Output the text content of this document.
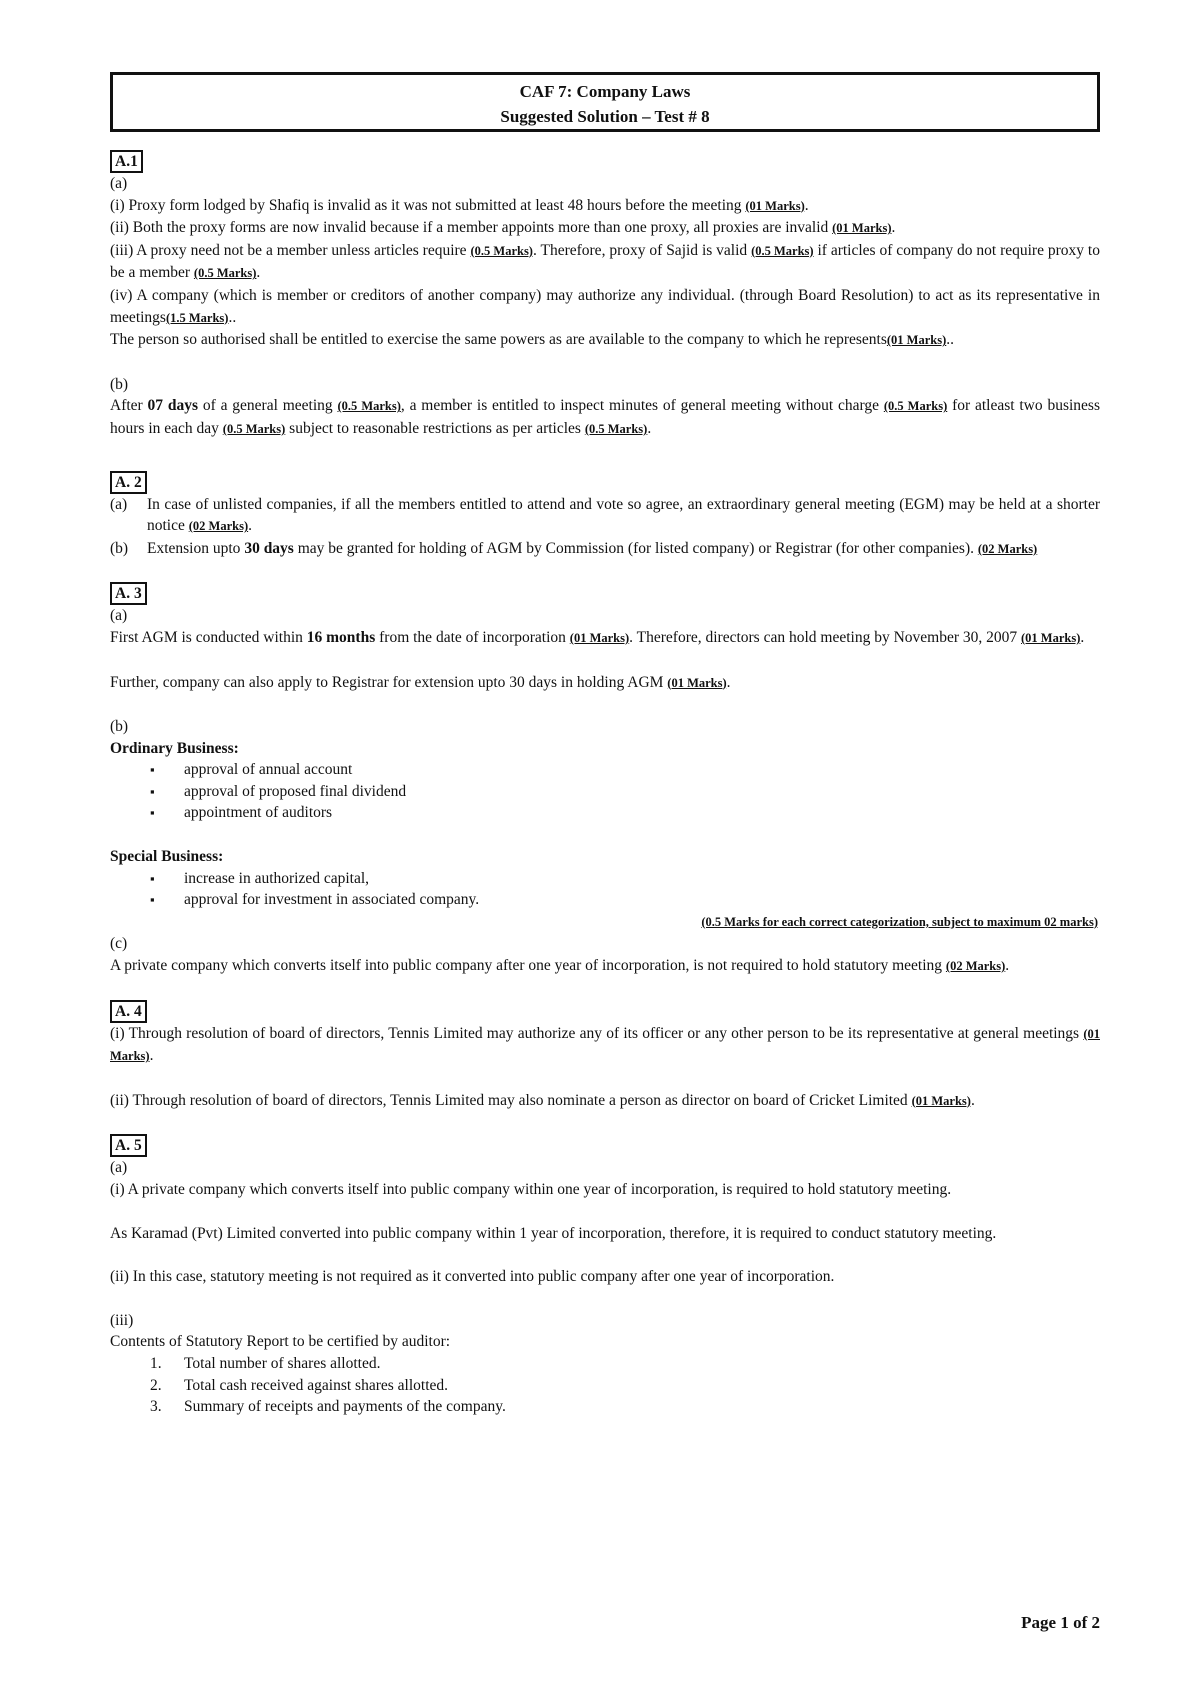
CAF 7: Company Laws
Suggested Solution – Test # 8
A.1
(a)
(i) Proxy form lodged by Shafiq is invalid as it was not submitted at least 48 hours before the meeting (01 Marks).
(ii) Both the proxy forms are now invalid because if a member appoints more than one proxy, all proxies are invalid (01 Marks).
(iii) A proxy need not be a member unless articles require (0.5 Marks). Therefore, proxy of Sajid is valid (0.5 Marks) if articles of company do not require proxy to be a member (0.5 Marks).
(iv) A company (which is member or creditors of another company) may authorize any individual. (through Board Resolution) to act as its representative in meetings(1.5 Marks)..
The person so authorised shall be entitled to exercise the same powers as are available to the company to which he represents(01 Marks)..
(b)
After 07 days of a general meeting (0.5 Marks), a member is entitled to inspect minutes of general meeting without charge (0.5 Marks) for atleast two business hours in each day (0.5 Marks) subject to reasonable restrictions as per articles (0.5 Marks).
A. 2
(a)	In case of unlisted companies, if all the members entitled to attend and vote so agree, an extraordinary general meeting (EGM) may be held at a shorter notice (02 Marks).
(b)	Extension upto 30 days may be granted for holding of AGM by Commission (for listed company) or Registrar (for other companies). (02 Marks)
A. 3
(a)
First AGM is conducted within 16 months from the date of incorporation (01 Marks). Therefore, directors can hold meeting by November 30, 2007 (01 Marks).
Further, company can also apply to Registrar for extension upto 30 days in holding AGM (01 Marks).
(b)
Ordinary Business:
▪ approval of annual account
▪ approval of proposed final dividend
▪ appointment of auditors
Special Business:
▪ increase in authorized capital,
▪ approval for investment in associated company.
(0.5 Marks for each correct categorization, subject to maximum 02 marks)
(c)
A private company which converts itself into public company after one year of incorporation, is not required to hold statutory meeting (02 Marks).
A. 4
(i) Through resolution of board of directors, Tennis Limited may authorize any of its officer or any other person to be its representative at general meetings (01 Marks).
(ii) Through resolution of board of directors, Tennis Limited may also nominate a person as director on board of Cricket Limited (01 Marks).
A. 5
(a)
(i) A private company which converts itself into public company within one year of incorporation, is required to hold statutory meeting.
As Karamad (Pvt) Limited converted into public company within 1 year of incorporation, therefore, it is required to conduct statutory meeting.
(ii) In this case, statutory meeting is not required as it converted into public company after one year of incorporation.
(iii)
Contents of Statutory Report to be certified by auditor:
1.	Total number of shares allotted.
2.	Total cash received against shares allotted.
3.	Summary of receipts and payments of the company.
Page 1 of 2
